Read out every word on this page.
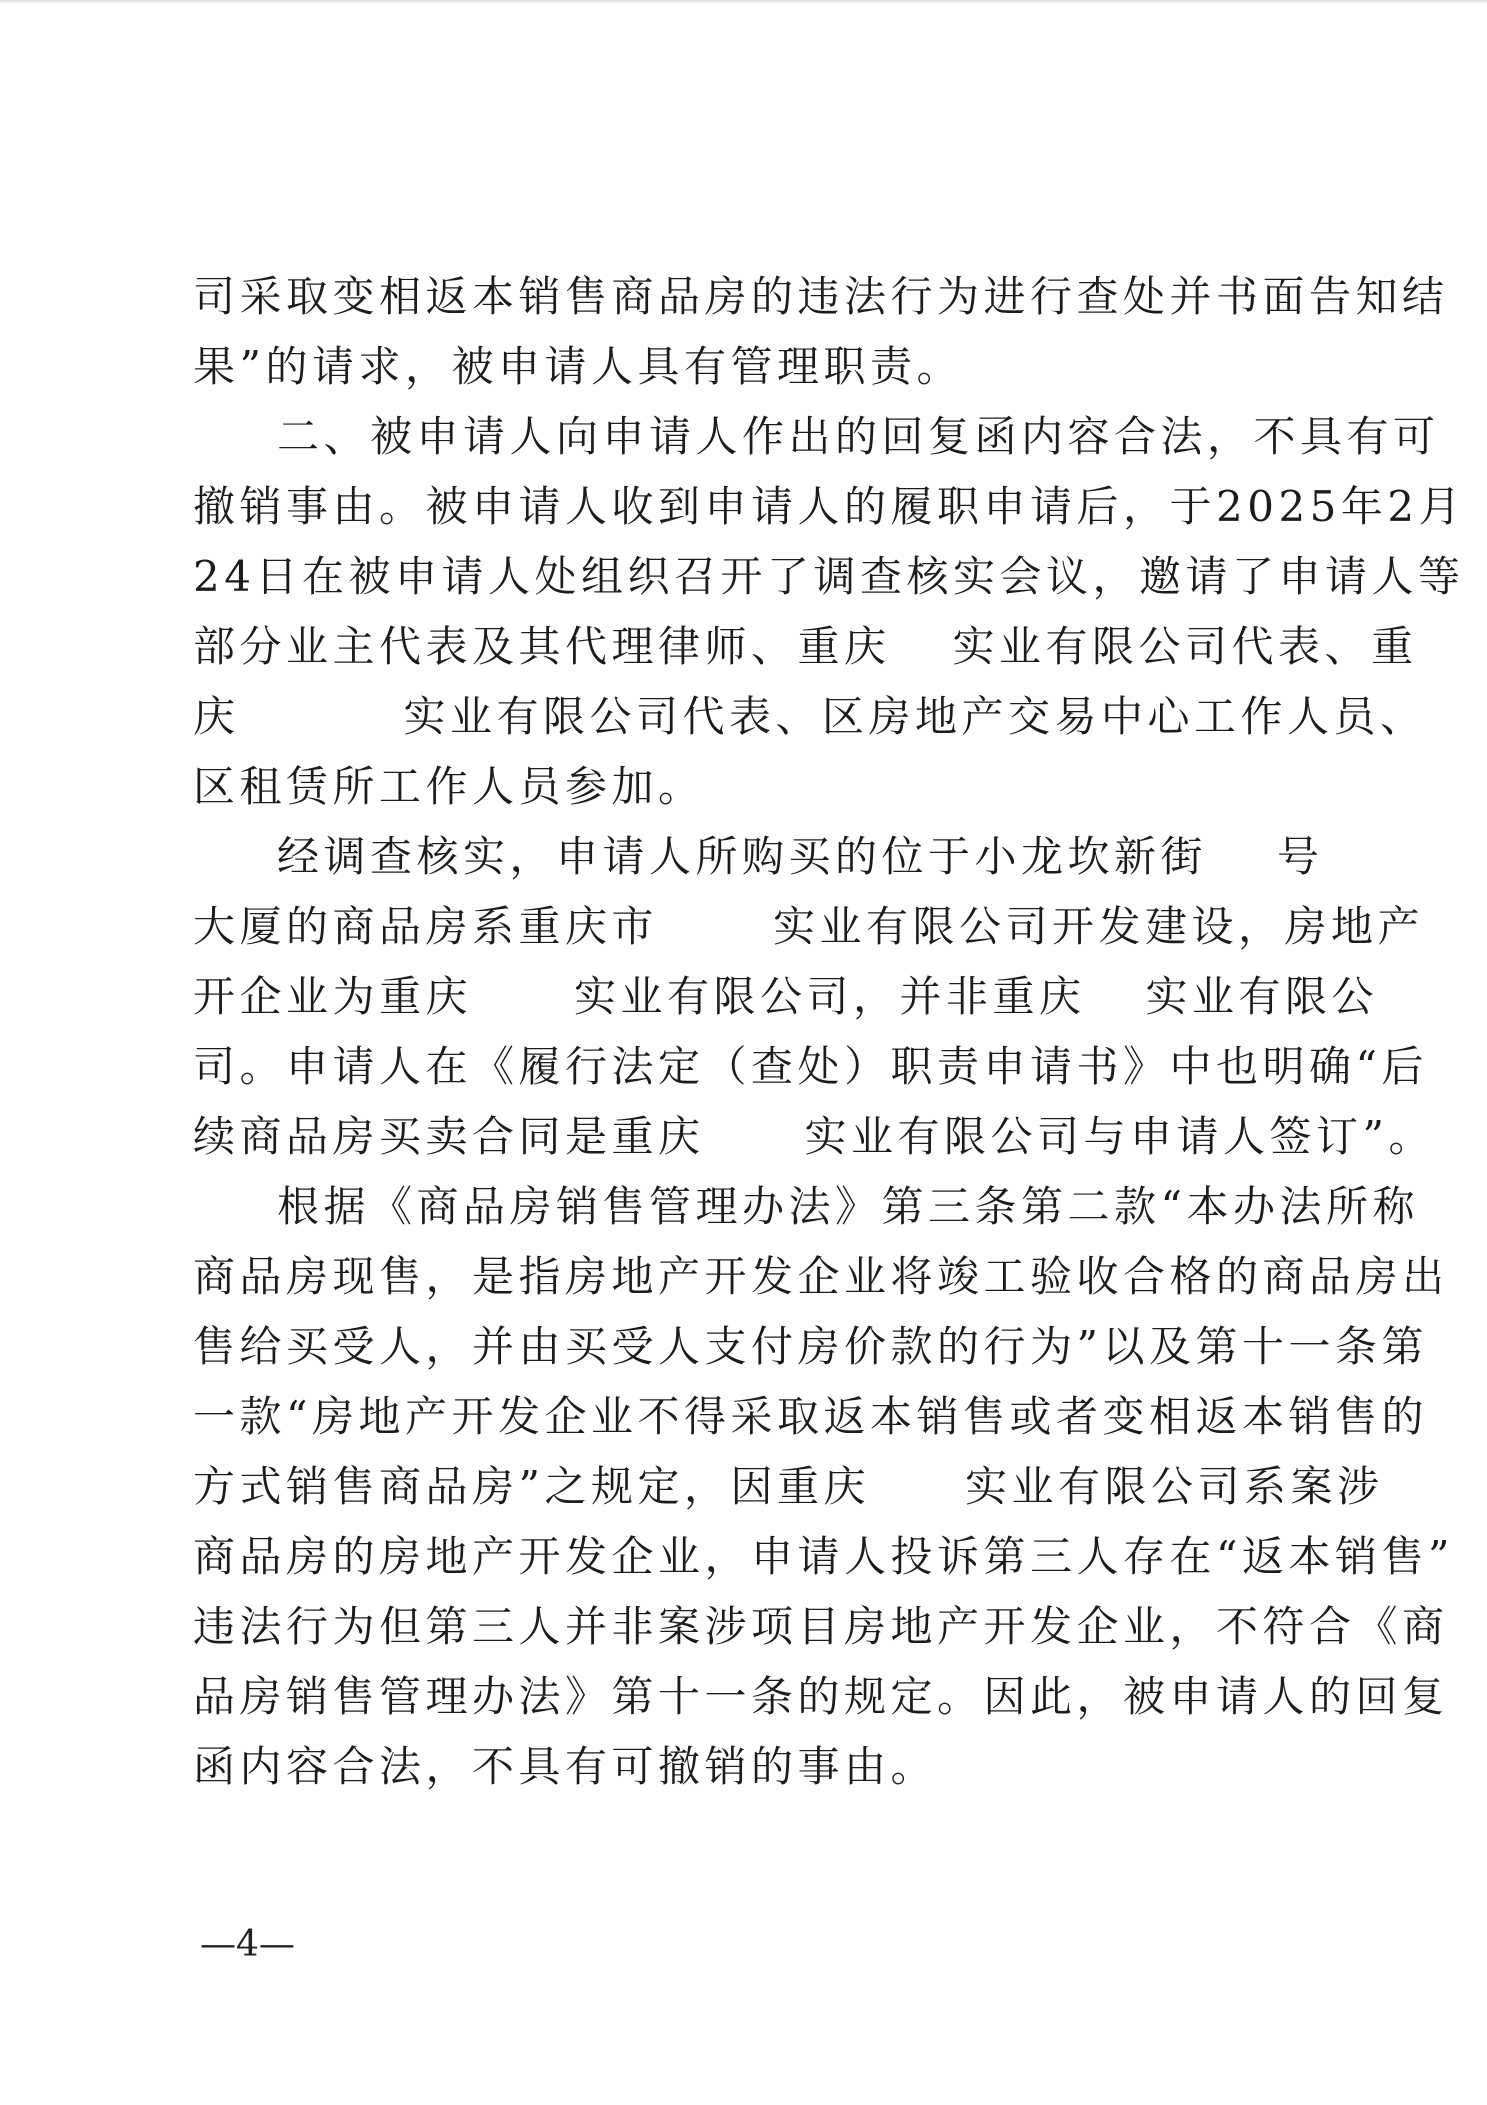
司采取变相返本销售商品房的违法行为进行查处并书面告知结
果”的请求，被申请人具有管理职责。
二、被申请人向申请人作出的回复函内容合法，不具有可
撤销事由。被申请人收到申请人的履职申请后，于2025年2月
24日在被申请人处组织召开了调查核实会议，邀请了申请人等
部分业主代表及其代理律师、重庆 实业有限公司代表、重
庆	实业有限公司代表、区房地产交易中心工作人员、
区租赁所工作人员参加。
经调查核实，申请人所购买的位于小龙坎新街 号
大厦的商品房系重庆市	实业有限公司开发建设，房地产
开企业为重庆 实业有限公司，并非重庆 实业有限公
司。申请人在《履行法定（查处）职责申请书》中也明确“后
续商品房买卖合同是重庆 实业有限公司与申请人签订”。
根据《商品房销售管理办法》第三条第二款“本办法所称
商品房现售，是指房地产开发企业将竣工验收合格的商品房出
售给买受人，并由买受人支付房价款的行为”以及第十一条第
一款“房地产开发企业不得采取返本销售或者变相返本销售的
方式销售商品房”之规定，因重庆 实业有限公司系案涉
商品房的房地产开发企业，申请人投诉第三人存在“返本销售”
违法行为但第三人并非案涉项目房地产开发企业，不符合《商
品房销售管理办法》第十一条的规定。因此，被申请人的回复
函内容合法，不具有可撤销的事由。
—4—
